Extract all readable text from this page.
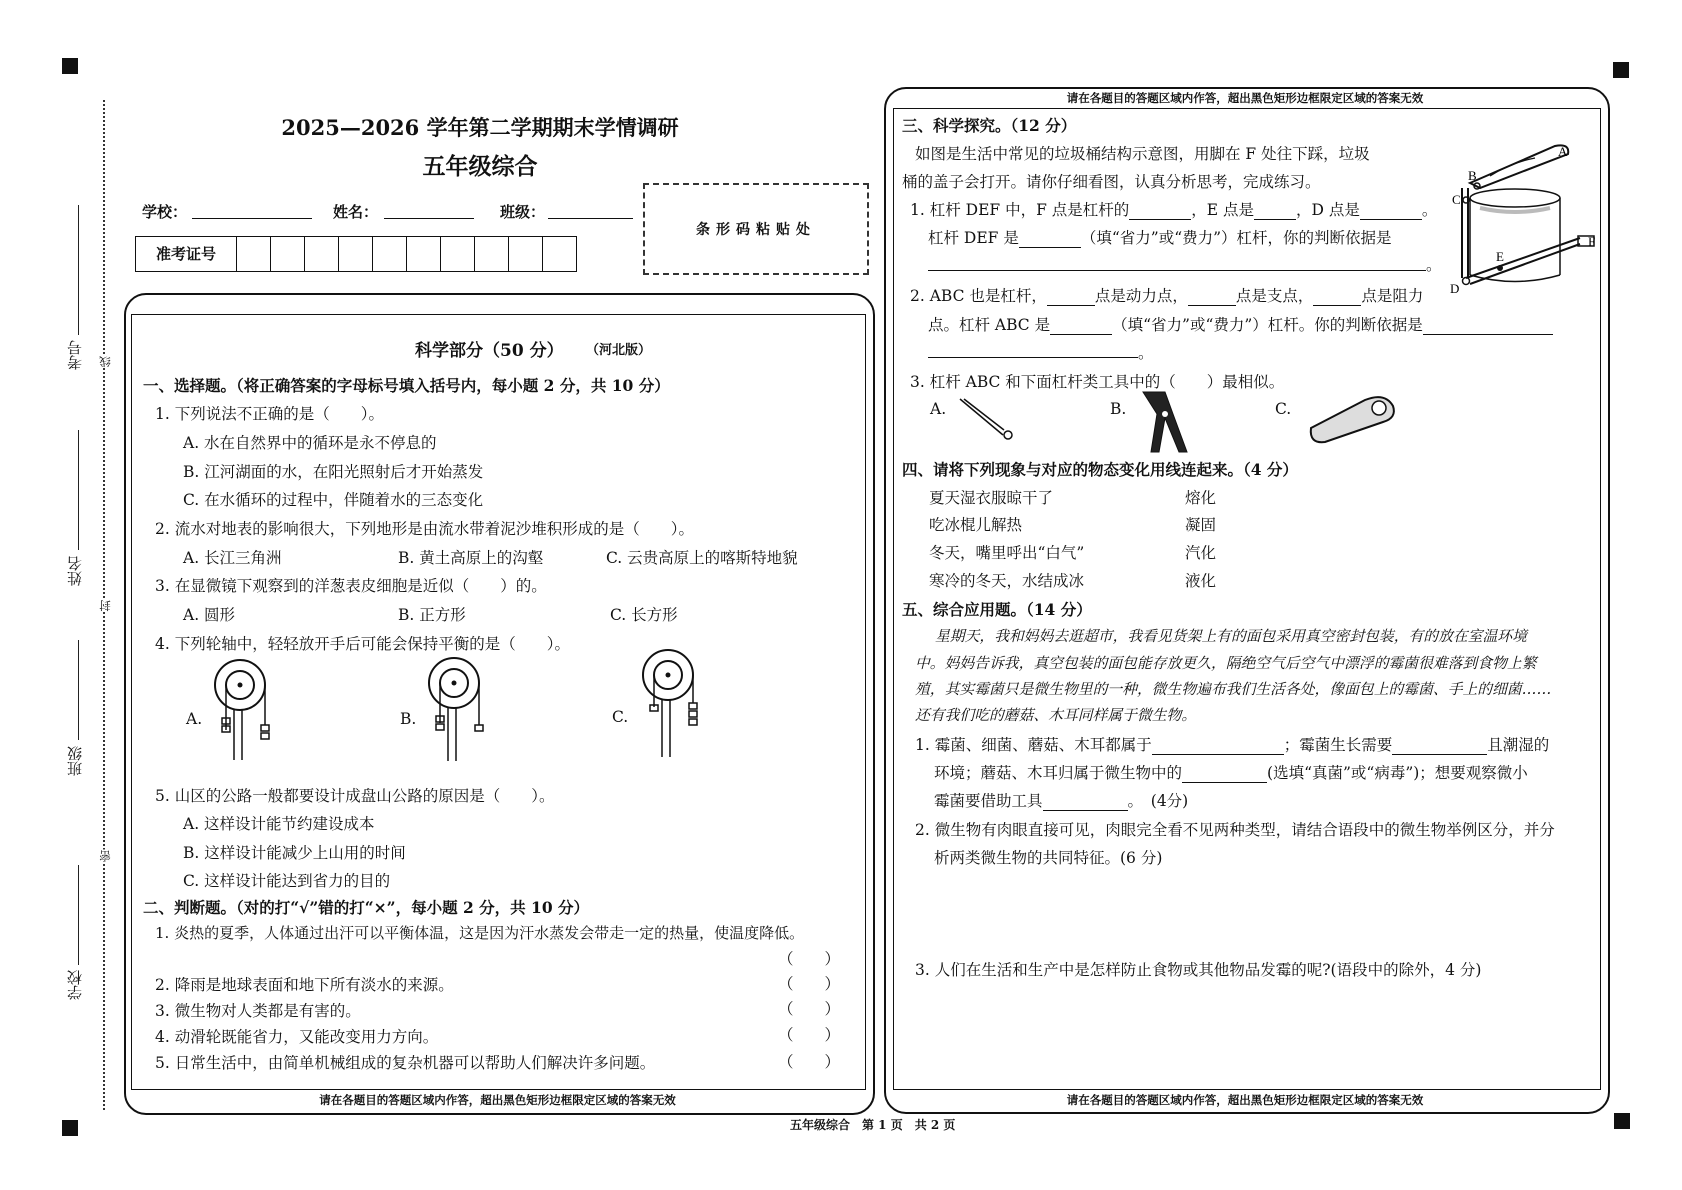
考号
姓名
班级
学校
线
封
密
2025—2026 学年第二学期期末学情调研
五年级综合
学校：	姓名：	班级：
准考证号
条形码粘贴处
请在各题目的答题区域内作答，超出黑色矩形边框限定区域的答案无效
科学部分（50 分） （河北版）
一、选择题。（将正确答案的字母标号填入括号内，每小题 2 分，共 10 分）
1. 下列说法不正确的是（　　）。
A. 水在自然界中的循环是永不停息的
B. 江河湖面的水，在阳光照射后才开始蒸发
C. 在水循环的过程中，伴随着水的三态变化
2. 流水对地表的影响很大，下列地形是由流水带着泥沙堆积形成的是（　　）。
A. 长江三角洲	B. 黄土高原上的沟壑	C. 云贵高原上的喀斯特地貌
3. 在显微镜下观察到的洋葱表皮细胞是近似（　　）的。
A. 圆形	B. 正方形	C. 长方形
4. 下列轮轴中，轻轻放开手后可能会保持平衡的是（　　）。
A.	B.	C.
5. 山区的公路一般都要设计成盘山公路的原因是（　　）。
A. 这样设计能节约建设成本
B. 这样设计能减少上山用的时间
C. 这样设计能达到省力的目的
二、判断题。（对的打“√”错的打“×”，每小题 2 分，共 10 分）
1. 炎热的夏季，人体通过出汗可以平衡体温，这是因为汗水蒸发会带走一定的热量，使温度降低。
（　　）
2. 降雨是地球表面和地下所有淡水的来源。	（　　）
3. 微生物对人类都是有害的。	（　　）
4. 动滑轮既能省力，又能改变用力方向。	（　　）
5. 日常生活中，由简单机械组成的复杂机器可以帮助人们解决许多问题。	（　　）
请在各题目的答题区域内作答，超出黑色矩形边框限定区域的答案无效
请在各题目的答题区域内作答，超出黑色矩形边框限定区域的答案无效
三、科学探究。（12 分）
如图是生活中常见的垃圾桶结构示意图，用脚在 F 处往下踩，垃圾
桶的盖子会打开。请你仔细看图，认真分析思考，完成练习。
1. 杠杆 DEF 中，F 点是杠杆的	，E 点是	，D 点是	。
杠杆 DEF 是	（填“省力”或“费力”）杠杆，你的判断依据是
。
2. ABC 也是杠杆，	点是动力点，	点是支点，	点是阻力
点。杠杆 ABC 是	（填“省力”或“费力”）杠杆。你的判断依据是
。
A
B
C
E
F
D
3. 杠杆 ABC 和下面杠杆类工具中的（　　）最相似。
A.	B.	C.
四、请将下列现象与对应的物态变化用线连起来。（4 分）
夏天湿衣服晾干了
吃冰棍儿解热
冬天，嘴里呼出“白气”
寒冷的冬天，水结成冰
熔化
凝固
汽化
液化
五、综合应用题。（14 分）
星期天，我和妈妈去逛超市，我看见货架上有的面包采用真空密封包装，有的放在室温环境
中。妈妈告诉我，真空包装的面包能存放更久，隔绝空气后空气中漂浮的霉菌很难落到食物上繁
殖，其实霉菌只是微生物里的一种，微生物遍布我们生活各处，像面包上的霉菌、手上的细菌……
还有我们吃的蘑菇、木耳同样属于微生物。
1. 霉菌、细菌、蘑菇、木耳都属于	；霉菌生长需要	且潮湿的
环境；蘑菇、木耳归属于微生物中的	(选填“真菌”或“病毒”)；想要观察微小
霉菌要借助工具	。　(4分)
2. 微生物有肉眼直接可见，肉眼完全看不见两种类型，请结合语段中的微生物举例区分，并分
析两类微生物的共同特征。(6 分)
3. 人们在生活和生产中是怎样防止食物或其他物品发霉的呢?(语段中的除外，4 分)
五年级综合　第 1 页　共 2 页
